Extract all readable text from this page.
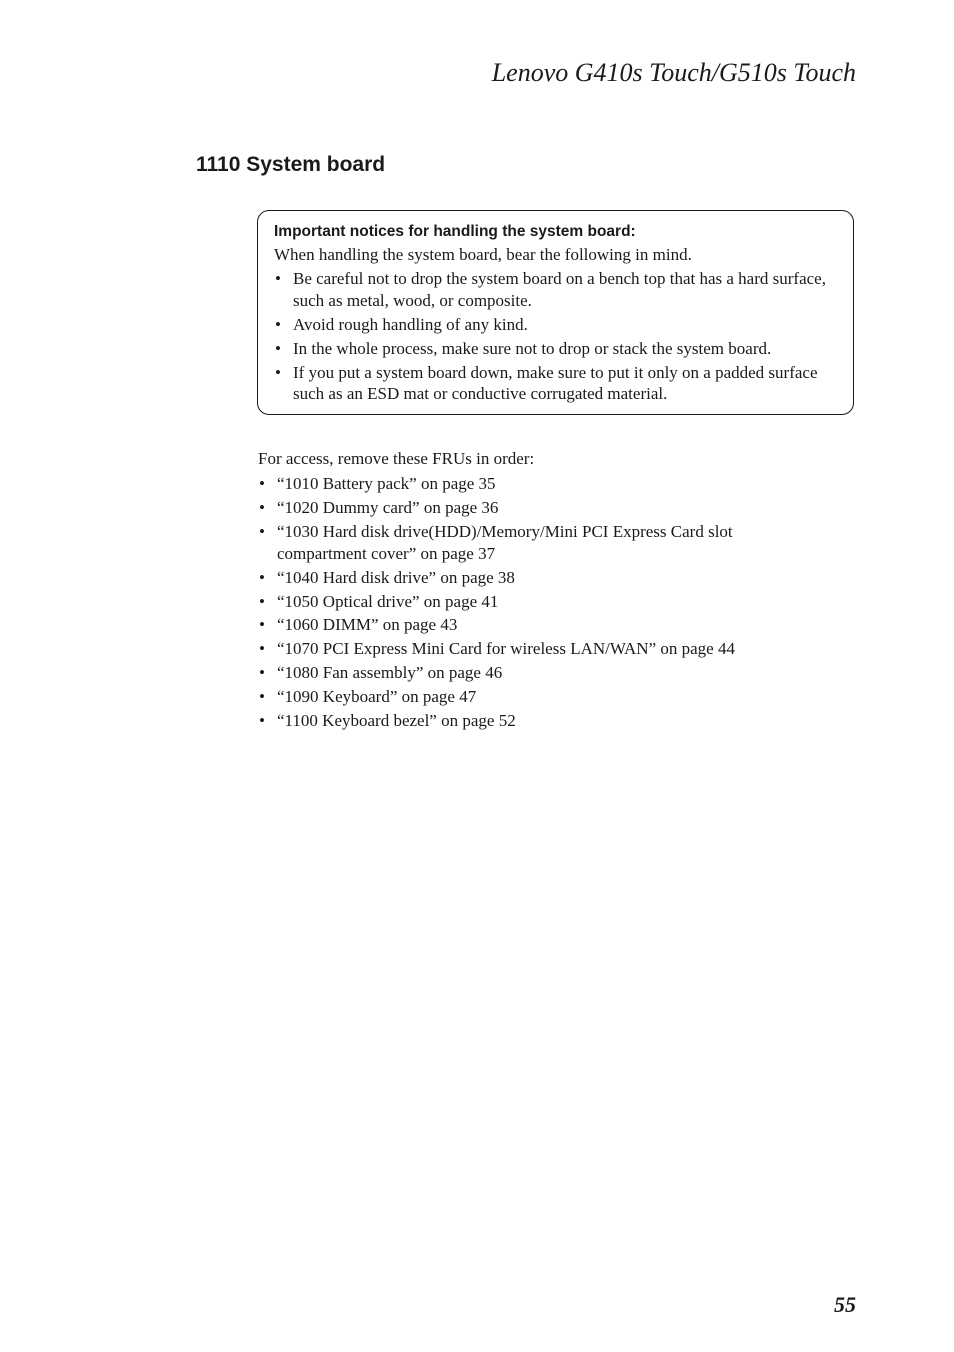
Lenovo G410s Touch/G510s Touch
1110 System board
Important notices for handling the system board:
When handling the system board, bear the following in mind.
• Be careful not to drop the system board on a bench top that has a hard surface, such as metal, wood, or composite.
• Avoid rough handling of any kind.
• In the whole process, make sure not to drop or stack the system board.
• If you put a system board down, make sure to put it only on a padded surface such as an ESD mat or conductive corrugated material.
For access, remove these FRUs in order:
• “1010 Battery pack” on page 35
• “1020 Dummy card” on page 36
• “1030 Hard disk drive(HDD)/Memory/Mini PCI Express Card slot compartment cover” on page 37
• “1040 Hard disk drive” on page 38
• “1050 Optical drive” on page 41
• “1060 DIMM” on page 43
• “1070 PCI Express Mini Card for wireless LAN/WAN” on page 44
• “1080 Fan assembly” on page 46
• “1090 Keyboard” on page 47
• “1100 Keyboard bezel” on page 52
55
